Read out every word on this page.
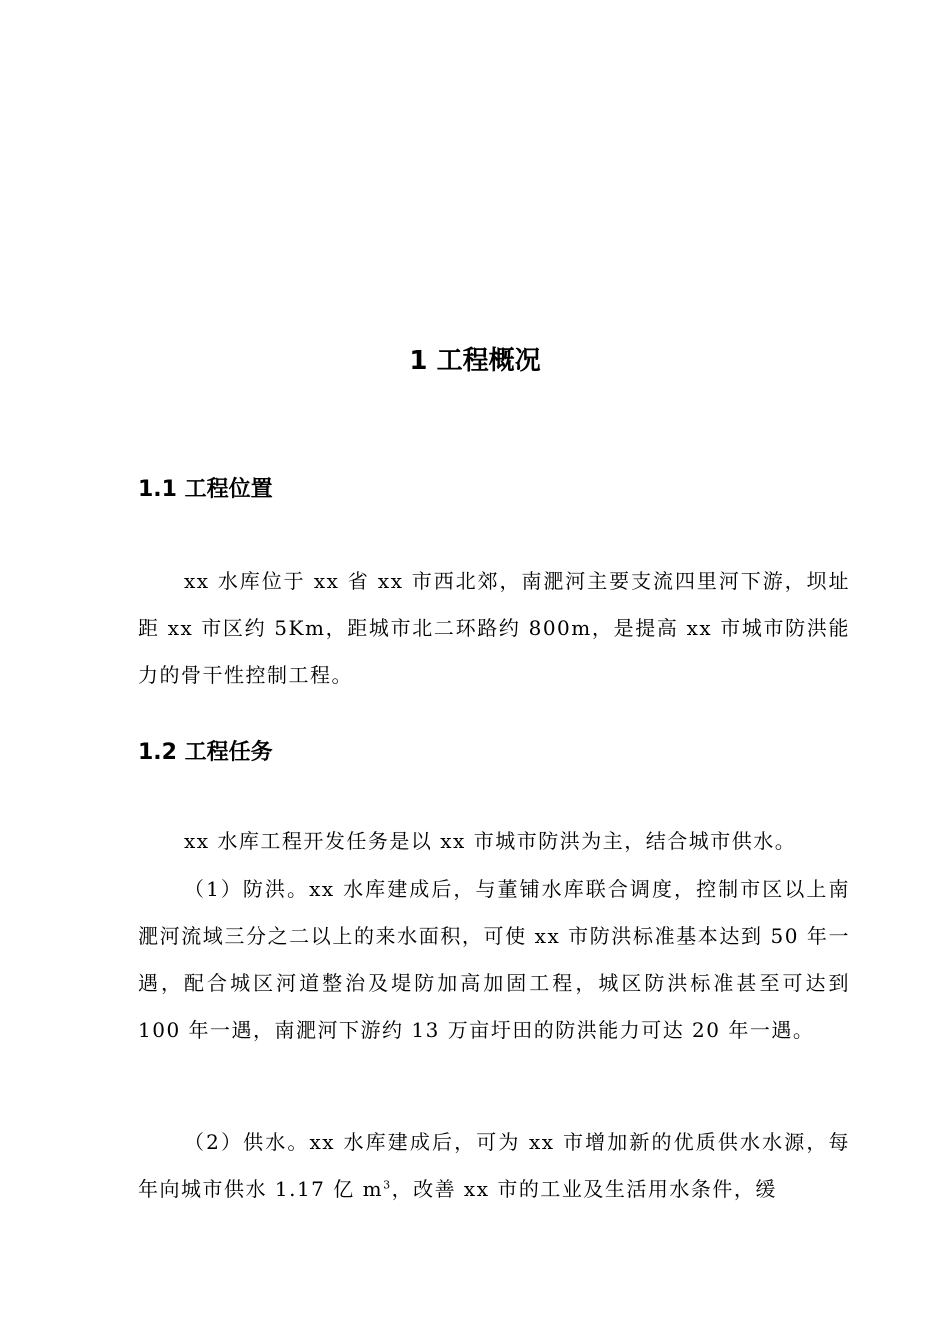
1 工程概况
1.1 工程位置

xx 水库位于 xx 省 xx 市西北郊，南淝河主要支流四里河下游，坝址距 xx 市区约 5Km，距城市北二环路约 800m，是提高 xx 市城市防洪能力的骨干性控制工程。

1.2 工程任务

xx 水库工程开发任务是以 xx 市城市防洪为主，结合城市供水。

（1）防洪。xx 水库建成后，与董铺水库联合调度，控制市区以上南淝河流域三分之二以上的来水面积，可使 xx 市防洪标准基本达到 50 年一遇，配合城区河道整治及堤防加高加固工程，城区防洪标准甚至可达到 100 年一遇，南淝河下游约 13 万亩圩田的防洪能力可达 20 年一遇。

（2）供水。xx 水库建成后，可为 xx 市增加新的优质供水水源，每年向城市供水 1.17 亿 $m^3$，改善 xx 市的工业及生活用水条件，缓
